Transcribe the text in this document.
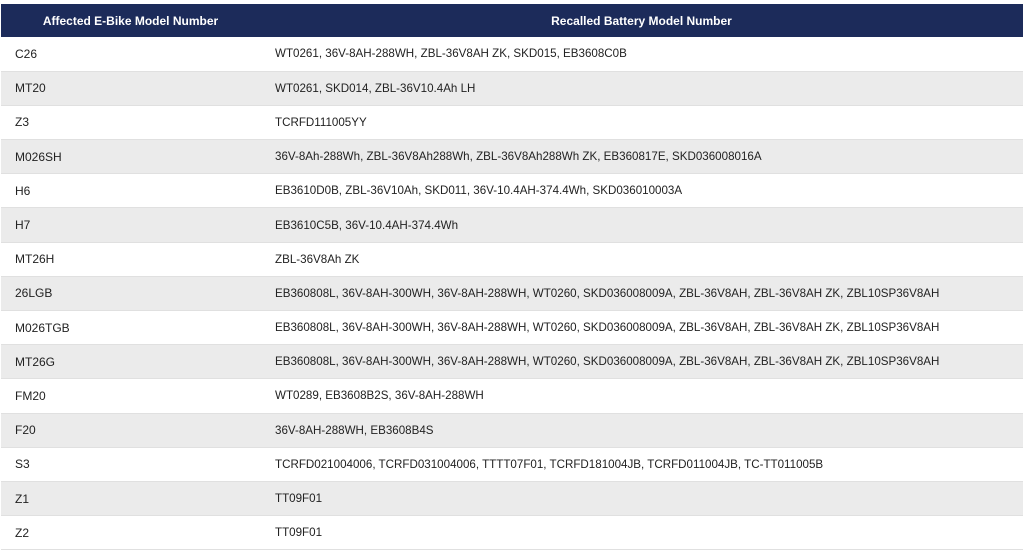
Affected E-Bike Model Number	Recalled Battery Model Number
C26	WT0261, 36V-8AH-288WH, ZBL-36V8AH ZK, SKD015, EB3608C0B
MT20	WT0261, SKD014, ZBL-36V10.4Ah LH
Z3	TCRFD111005YY
M026SH	36V-8Ah-288Wh, ZBL-36V8Ah288Wh, ZBL-36V8Ah288Wh ZK, EB360817E, SKD036008016A
H6	EB3610D0B, ZBL-36V10Ah, SKD011, 36V-10.4AH-374.4Wh, SKD036010003A
H7	EB3610C5B, 36V-10.4AH-374.4Wh
MT26H	ZBL-36V8Ah ZK
26LGB	EB360808L, 36V-8AH-300WH, 36V-8AH-288WH, WT0260, SKD036008009A, ZBL-36V8AH, ZBL-36V8AH ZK, ZBL10SP36V8AH
M026TGB	EB360808L, 36V-8AH-300WH, 36V-8AH-288WH, WT0260, SKD036008009A, ZBL-36V8AH, ZBL-36V8AH ZK, ZBL10SP36V8AH
MT26G	EB360808L, 36V-8AH-300WH, 36V-8AH-288WH, WT0260, SKD036008009A, ZBL-36V8AH, ZBL-36V8AH ZK, ZBL10SP36V8AH
FM20	WT0289, EB3608B2S, 36V-8AH-288WH
F20	36V-8AH-288WH, EB3608B4S
S3	TCRFD021004006, TCRFD031004006, TTTT07F01, TCRFD181004JB, TCRFD011004JB, TC-TT011005B
Z1	TT09F01
Z2	TT09F01
